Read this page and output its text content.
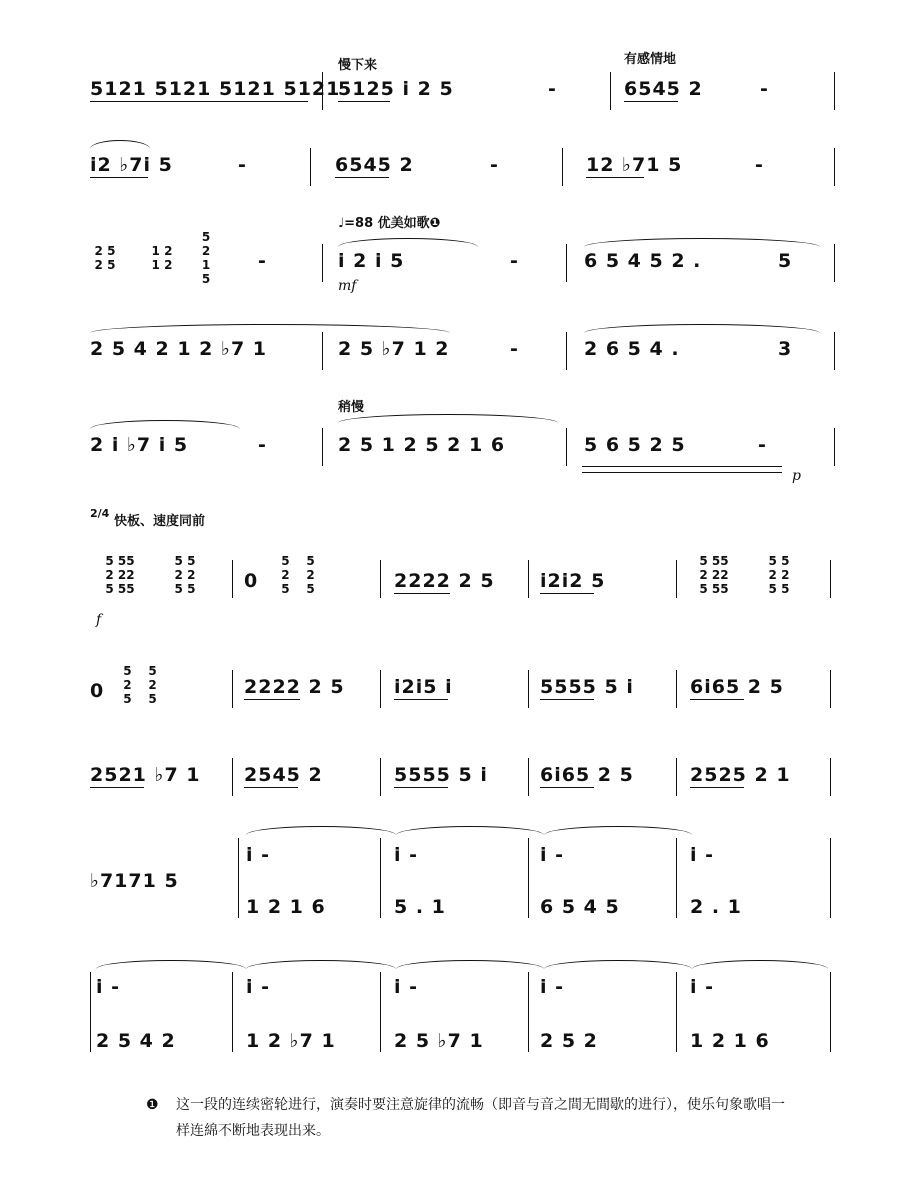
慢下来	有感情地
5121 5121 5121 5121
5125 i 2 5	-	6545 2	-
i2 ♭7i 5	-	6545 2	-	12 ♭71 5	-
♩=88 优美如歌❶
2 5
2 5
1 2
1 2
5
2
1
5
-	i 2 i 5
mf
-	6 5 4 5 2 .	5
2 5 4 2 1 2 ♭7 1	2 5 ♭7 1 2	-	2 6 5 4 .	3
稍慢
2 i ♭7 i 5	-	2 5 1 2 5 2 1 6	5 6 5 2 5	-
p
2/4
快板、速度同前
5 55
2 22
5 55
5 5
2 2
5 5
f
0
5    5
2    2
5    5	2222 2 5 i2i2 5
5 55
2 22
5 55
5 5
2 2
5 5
0
5    5
2    2
5    5
2222 2 5	i2i5 i	5555 5 i	6i65 2 5
2521 ♭7 1 2545 2	5555 5 i	6i65 2 5	2525 2 1
♭7171 5
i -	i -	i -	i -
1 2 1 6	5 . 1	6 5 4 5	2 . 1
i -	i -	i -	i -	i -
2 5 4 2	1 2 ♭7 1	2 5 ♭7 1	2 5 2	1 2 1 6
❶ 这一段的连续密轮进行，演奏时要注意旋律的流畅（即音与音之間无間歇的进行），使乐句象歌唱一样连綿不断地表现出来。
